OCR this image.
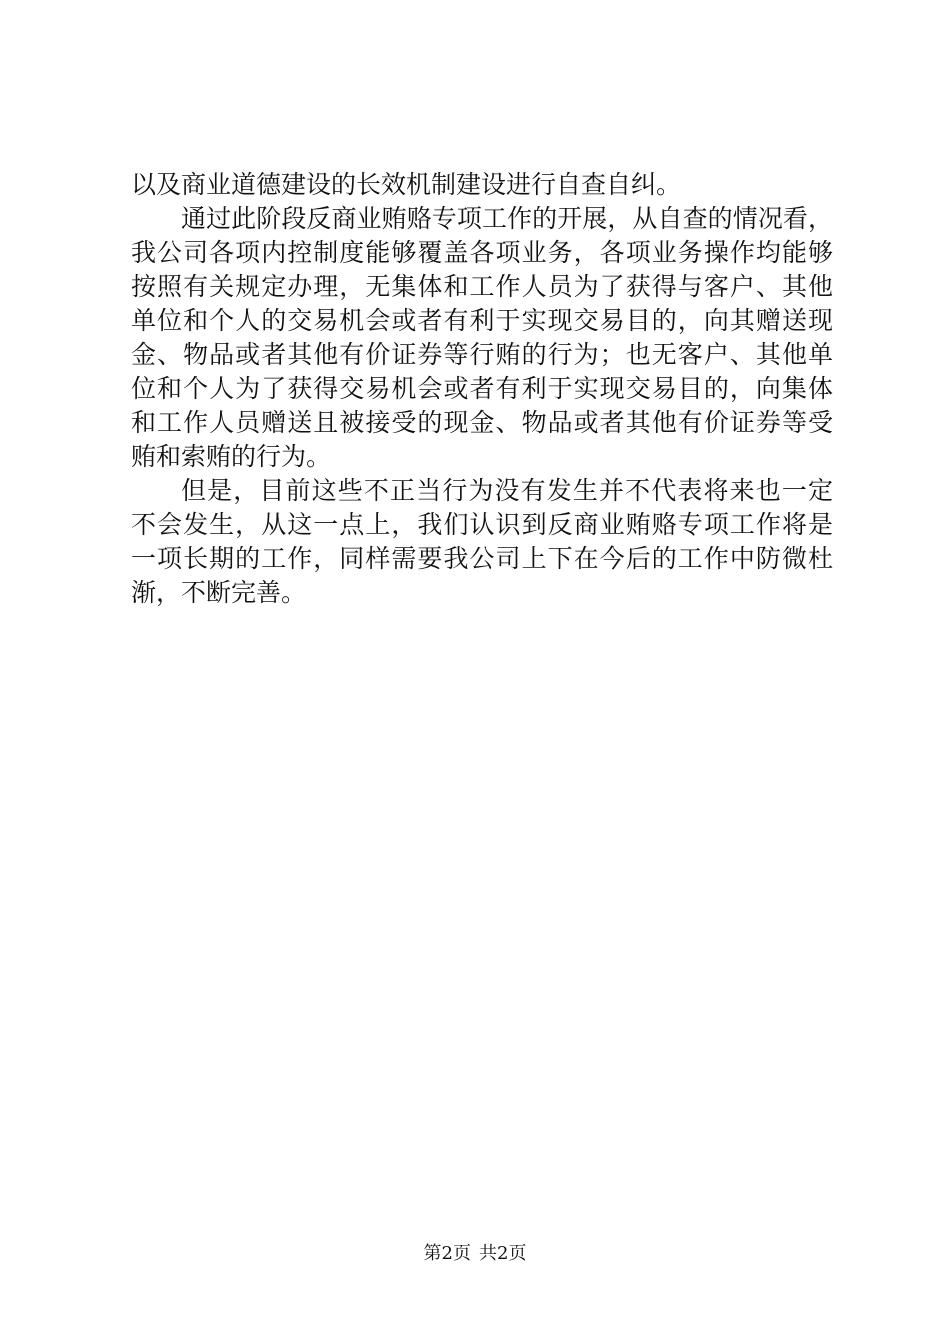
以及商业道德建设的长效机制建设进行自查自纠。
通过此阶段反商业贿赂专项工作的开展，从自查的情况看，
我公司各项内控制度能够覆盖各项业务，各项业务操作均能够
按照有关规定办理，无集体和工作人员为了获得与客户、其他
单位和个人的交易机会或者有利于实现交易目的，向其赠送现
金、物品或者其他有价证券等行贿的行为；也无客户、其他单
位和个人为了获得交易机会或者有利于实现交易目的，向集体
和工作人员赠送且被接受的现金、物品或者其他有价证券等受
贿和索贿的行为。
但是，目前这些不正当行为没有发生并不代表将来也一定
不会发生，从这一点上，我们认识到反商业贿赂专项工作将是
一项长期的工作，同样需要我公司上下在今后的工作中防微杜
渐，不断完善。
第2页 共2页
